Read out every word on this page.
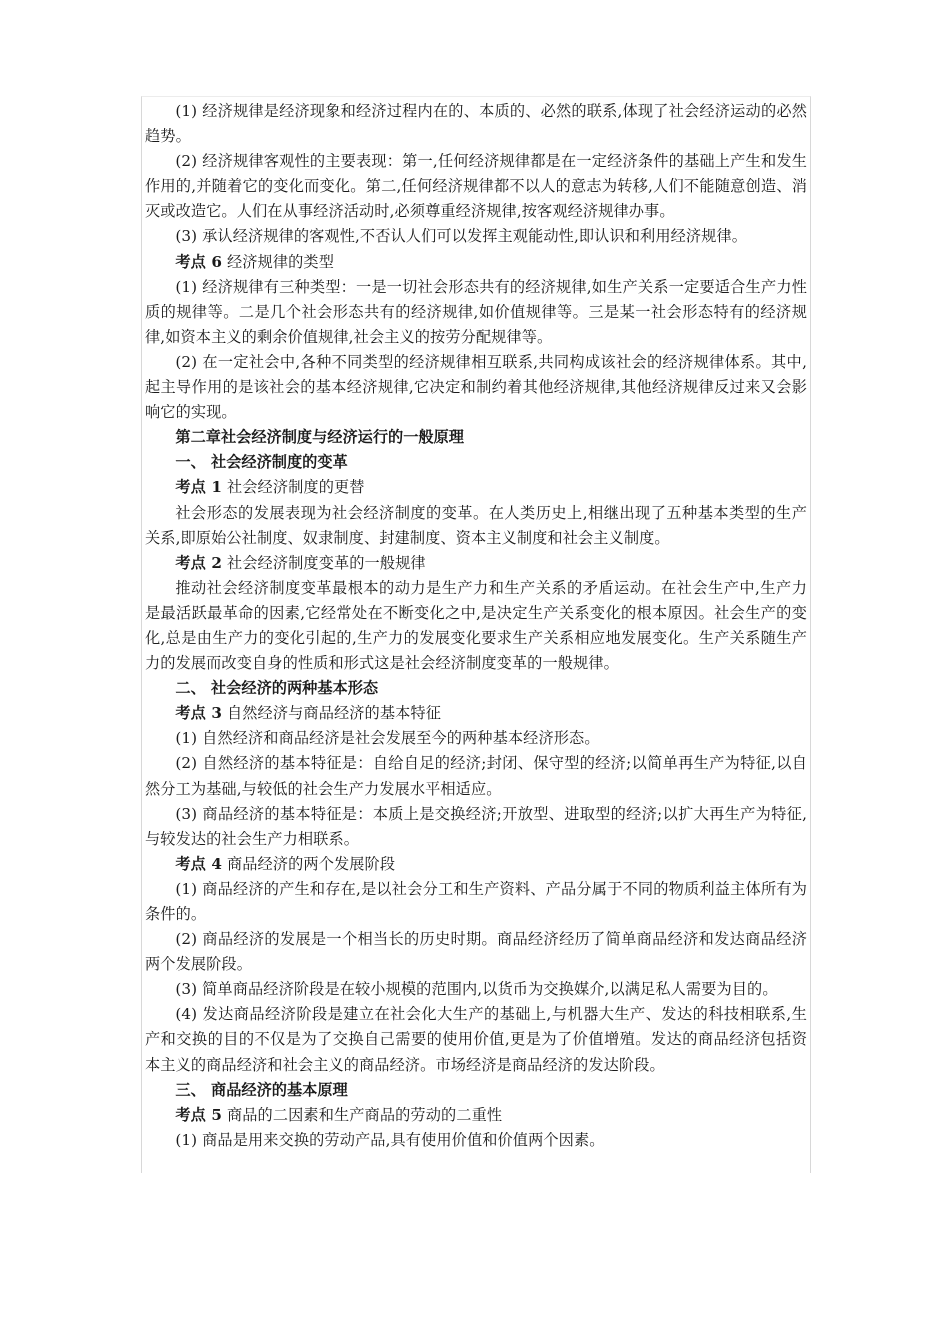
(1) 经济规律是经济现象和经济过程内在的、本质的、必然的联系,体现了社会经济运动的必然趋势。

(2) 经济规律客观性的主要表现：第一,任何经济规律都是在一定经济条件的基础上产生和发生作用的,并随着它的变化而变化。第二,任何经济规律都不以人的意志为转移,人们不能随意创造、消灭或改造它。人们在从事经济活动时,必须尊重经济规律,按客观经济规律办事。

(3) 承认经济规律的客观性,不否认人们可以发挥主观能动性,即认识和利用经济规律。

考点 6 经济规律的类型

(1) 经济规律有三种类型：一是一切社会形态共有的经济规律,如生产关系一定要适合生产力性质的规律等。二是几个社会形态共有的经济规律,如价值规律等。三是某一社会形态特有的经济规律,如资本主义的剩余价值规律,社会主义的按劳分配规律等。

(2) 在一定社会中,各种不同类型的经济规律相互联系,共同构成该社会的经济规律体系。其中,起主导作用的是该社会的基本经济规律,它决定和制约着其他经济规律,其他经济规律反过来又会影响它的实现。

第二章社会经济制度与经济运行的一般原理

一、 社会经济制度的变革

考点 1 社会经济制度的更替

社会形态的发展表现为社会经济制度的变革。在人类历史上,相继出现了五种基本类型的生产关系,即原始公社制度、奴隶制度、封建制度、资本主义制度和社会主义制度。

考点 2 社会经济制度变革的一般规律

推动社会经济制度变革最根本的动力是生产力和生产关系的矛盾运动。在社会生产中,生产力是最活跃最革命的因素,它经常处在不断变化之中,是决定生产关系变化的根本原因。社会生产的变化,总是由生产力的变化引起的,生产力的发展变化要求生产关系相应地发展变化。生产关系随生产力的发展而改变自身的性质和形式这是社会经济制度变革的一般规律。

二、 社会经济的两种基本形态

考点 3 自然经济与商品经济的基本特征

(1) 自然经济和商品经济是社会发展至今的两种基本经济形态。

(2) 自然经济的基本特征是：自给自足的经济;封闭、保守型的经济;以简单再生产为特征,以自然分工为基础,与较低的社会生产力发展水平相适应。

(3) 商品经济的基本特征是：本质上是交换经济;开放型、进取型的经济;以扩大再生产为特征,与较发达的社会生产力相联系。

考点 4 商品经济的两个发展阶段

(1) 商品经济的产生和存在,是以社会分工和生产资料、产品分属于不同的物质利益主体所有为条件的。

(2) 商品经济的发展是一个相当长的历史时期。商品经济经历了简单商品经济和发达商品经济两个发展阶段。

(3) 简单商品经济阶段是在较小规模的范围内,以货币为交换媒介,以满足私人需要为目的。

(4) 发达商品经济阶段是建立在社会化大生产的基础上,与机器大生产、发达的科技相联系,生产和交换的目的不仅是为了交换自己需要的使用价值,更是为了价值增殖。发达的商品经济包括资本主义的商品经济和社会主义的商品经济。市场经济是商品经济的发达阶段。

三、 商品经济的基本原理

考点 5 商品的二因素和生产商品的劳动的二重性

(1) 商品是用来交换的劳动产品,具有使用价值和价值两个因素。
